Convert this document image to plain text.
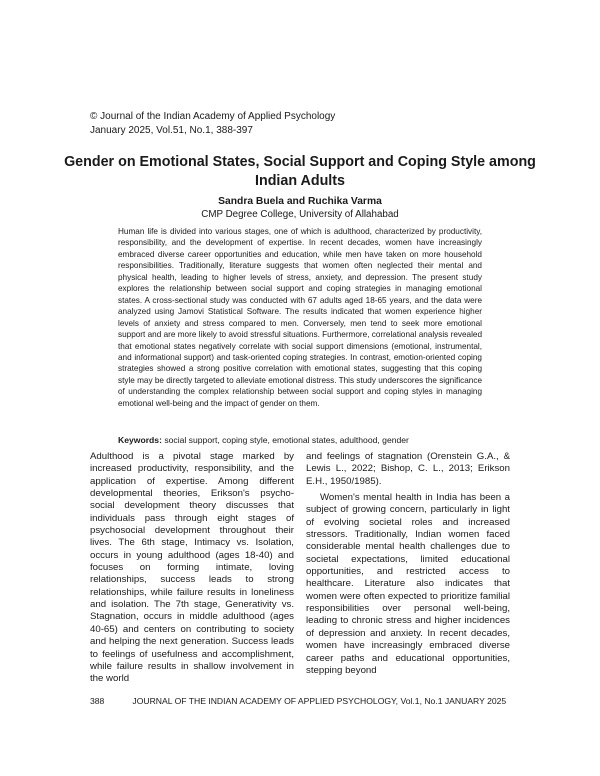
© Journal of the Indian Academy of Applied Psychology
January 2025, Vol.51, No.1, 388-397
Gender on Emotional States, Social Support and Coping Style among Indian Adults
Sandra Buela and Ruchika Varma
CMP Degree College, University of Allahabad
Human life is divided into various stages, one of which is adulthood, characterized by productivity, responsibility, and the development of expertise. In recent decades, women have increasingly embraced diverse career opportunities and education, while men have taken on more household responsibilities. Traditionally, literature suggests that women often neglected their mental and physical health, leading to higher levels of stress, anxiety, and depression. The present study explores the relationship between social support and coping strategies in managing emotional states. A cross-sectional study was conducted with 67 adults aged 18-65 years, and the data were analyzed using Jamovi Statistical Software. The results indicated that women experience higher levels of anxiety and stress compared to men. Conversely, men tend to seek more emotional support and are more likely to avoid stressful situations. Furthermore, correlational analysis revealed that emotional states negatively correlate with social support dimensions (emotional, instrumental, and informational support) and task-oriented coping strategies. In contrast, emotion-oriented coping strategies showed a strong positive correlation with emotional states, suggesting that this coping style may be directly targeted to alleviate emotional distress. This study underscores the significance of understanding the complex relationship between social support and coping styles in managing emotional well-being and the impact of gender on them.
Keywords: social support, coping style, emotional states, adulthood, gender

Adulthood is a pivotal stage marked by increased productivity, responsibility, and the application of expertise. Among different developmental theories, Erikson's psycho-social development theory discusses that individuals pass through eight stages of psychosocial development throughout their lives. The 6th stage, Intimacy vs. Isolation, occurs in young adulthood (ages 18-40) and focuses on forming intimate, loving relationships, success leads to strong relationships, while failure results in loneliness and isolation. The 7th stage, Generativity vs. Stagnation, occurs in middle adulthood (ages 40-65) and centers on contributing to society and helping the next generation. Success leads to feelings of usefulness and accomplishment, while failure results in shallow involvement in the world

and feelings of stagnation (Orenstein G.A., & Lewis L., 2022; Bishop, C. L., 2013; Erikson E.H., 1950/1985).

Women's mental health in India has been a subject of growing concern, particularly in light of evolving societal roles and increased stressors. Traditionally, Indian women faced considerable mental health challenges due to societal expectations, limited educational opportunities, and restricted access to healthcare. Literature also indicates that women were often expected to prioritize familial responsibilities over personal well-being, leading to chronic stress and higher incidences of depression and anxiety. In recent decades, women have increasingly embraced diverse career paths and educational opportunities, stepping beyond

388	JOURNAL OF THE INDIAN ACADEMY OF APPLIED PSYCHOLOGY, Vol.1, No.1 JANUARY 2025
